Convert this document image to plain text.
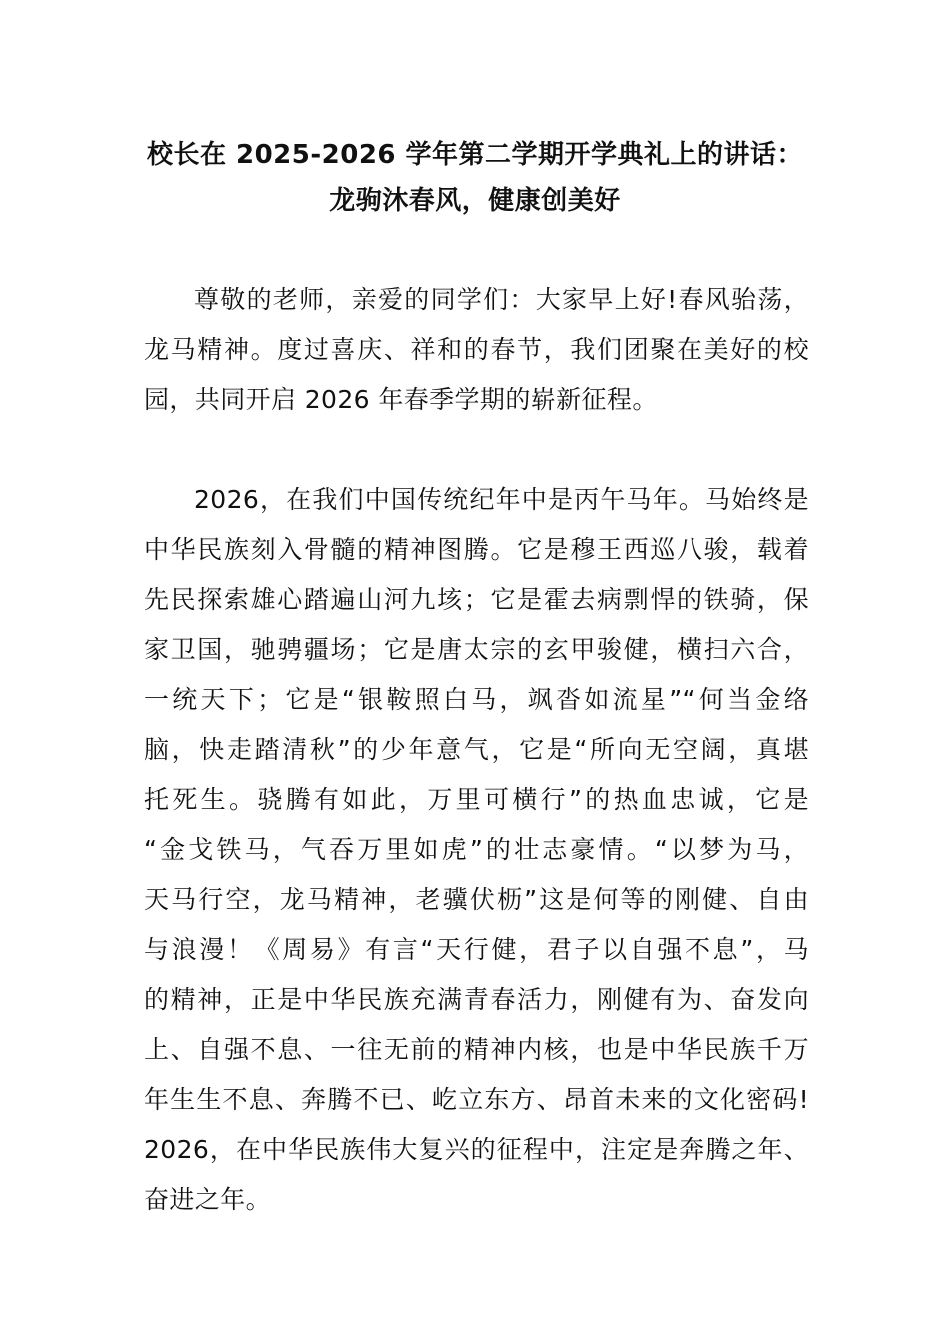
校长在 2025-2026 学年第二学期开学典礼上的讲话：
龙驹沐春风，健康创美好

尊敬的老师，亲爱的同学们：大家早上好!春风骀荡，
龙马精神。度过喜庆、祥和的春节，我们团聚在美好的校
园，共同开启 2026 年春季学期的崭新征程。

2026，在我们中国传统纪年中是丙午马年。马始终是
中华民族刻入骨髓的精神图腾。它是穆王西巡八骏，载着
先民探索雄心踏遍山河九垓；它是霍去病剽悍的铁骑，保
家卫国，驰骋疆场；它是唐太宗的玄甲骏健，横扫六合，
一统天下；它是“银鞍照白马，飒沓如流星”“何当金络
脑，快走踏清秋”的少年意气，它是“所向无空阔，真堪
托死生。骁腾有如此，万里可横行”的热血忠诚，它是
“金戈铁马，气吞万里如虎”的壮志豪情。“以梦为马，
天马行空，龙马精神，老骥伏枥”这是何等的刚健、自由
与浪漫！《周易》有言“天行健，君子以自强不息”，马
的精神，正是中华民族充满青春活力，刚健有为、奋发向
上、自强不息、一往无前的精神内核，也是中华民族千万
年生生不息、奔腾不已、屹立东方、昂首未来的文化密码!
2026，在中华民族伟大复兴的征程中，注定是奔腾之年、
奋进之年。
